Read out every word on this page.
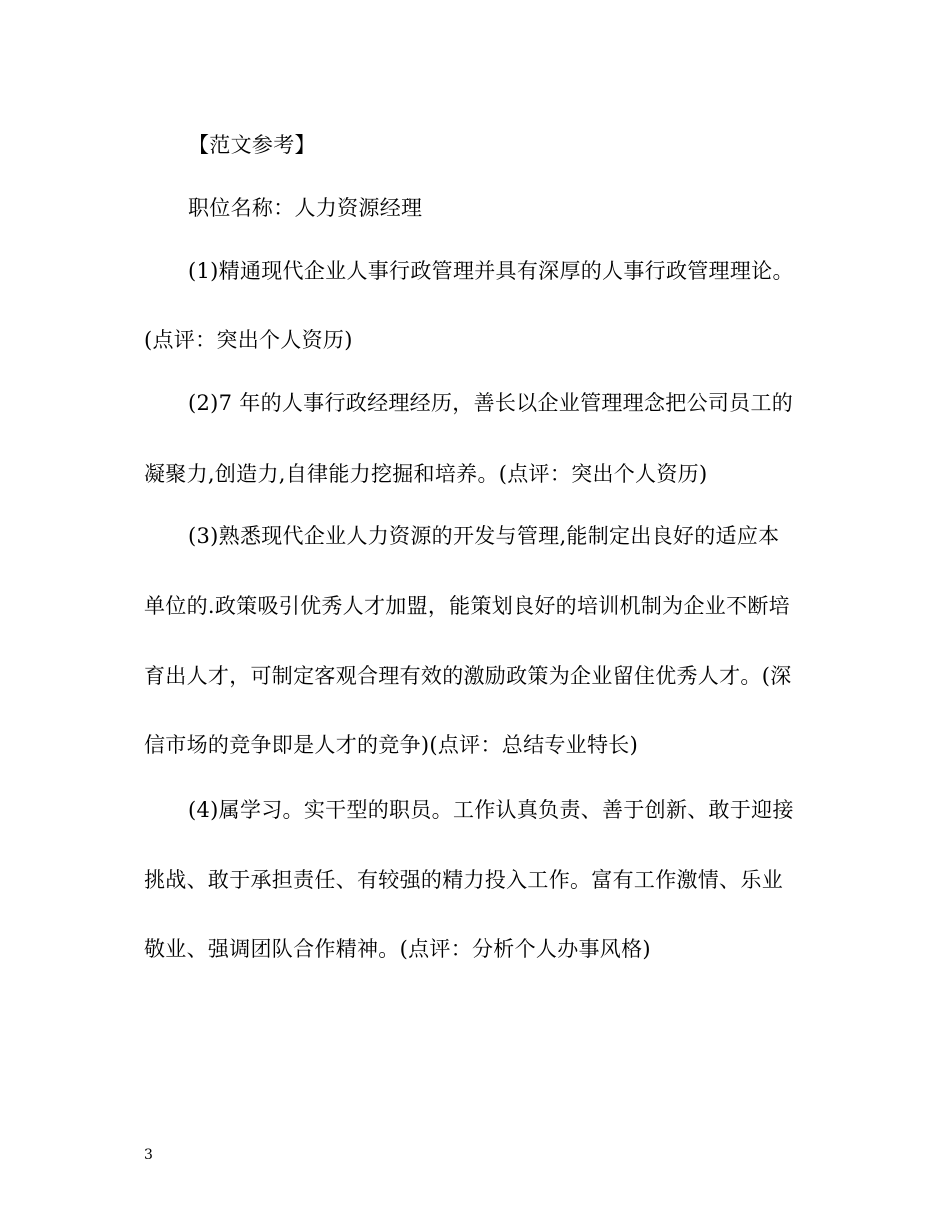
【范文参考】
职位名称：人力资源经理
(1)精通现代企业人事行政管理并具有深厚的人事行政管理理论。
(点评：突出个人资历)
(2)7 年的人事行政经理经历，善长以企业管理理念把公司员工的
凝聚力,创造力,自律能力挖掘和培养。(点评：突出个人资历)
(3)熟悉现代企业人力资源的开发与管理,能制定出良好的适应本
单位的.政策吸引优秀人才加盟，能策划良好的培训机制为企业不断培
育出人才，可制定客观合理有效的激励政策为企业留住优秀人才。(深
信市场的竞争即是人才的竞争)(点评：总结专业特长)
(4)属学习。实干型的职员。工作认真负责、善于创新、敢于迎接
挑战、敢于承担责任、有较强的精力投入工作。富有工作激情、乐业
敬业、强调团队合作精神。(点评：分析个人办事风格)
3
